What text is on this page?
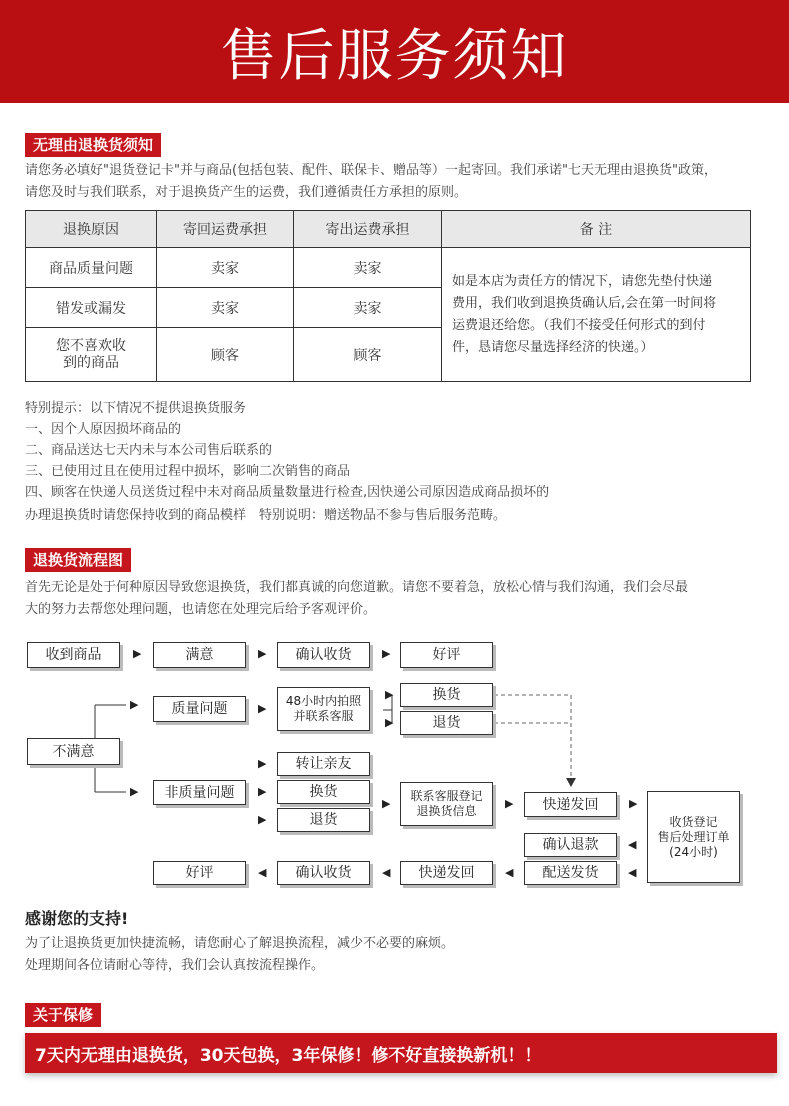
售后服务须知
无理由退换货须知
请您务必填好"退货登记卡"并与商品(包括包装、配件、联保卡、赠品等）一起寄回。我们承诺"七天无理由退换货"政策，
请您及时与我们联系，对于退换货产生的运费，我们遵循责任方承担的原则。
退换原因	寄回运费承担	寄出运费承担	备 注
商品质量问题	卖家	卖家	如是本店为责任方的情况下，请您先垫付快递
费用，我们收到退换货确认后,会在第一时间将
运费退还给您。（我们不接受任何形式的到付
件，恳请您尽量选择经济的快递。）

错发或漏发	卖家	卖家	

您不喜欢收
到的商品	顾客	顾客	
特别提示：以下情况不提供退换货服务
一、因个人原因损坏商品的
二、商品送达七天内未与本公司售后联系的
三、已使用过且在使用过程中损坏，影响二次销售的商品
四、顾客在快递人员送货过程中未对商品质量数量进行检查,因快递公司原因造成商品损坏的
办理退换货时请您保持收到的商品模样　特别说明：赠送物品不参与售后服务范畴。
退换货流程图
首先无论是处于何种原因导致您退换货，我们都真诚的向您道歉。请您不要着急，放松心情与我们沟通，我们会尽最
大的努力去帮您处理问题，也请您在处理完后给予客观评价。
收到商品	▶	满意	▶	确认收货	▶	好评
不满意
▶	质量问题	▶
48小时内拍照
并联系客服
▶
▶
换货
退货
▶	转让亲友
▶	非质量问题	▶	换货
▶	退货
▶
联系客服登记
退换货信息
▶	快递发回	▶
收货登记
售后处理订单
(24小时)
◀
确认退款
◀
配送发货
◀
快递发回
◀
确认收货
◀
好评
感谢您的支持!
为了让退换货更加快捷流畅，请您耐心了解退换流程，减少不必要的麻烦。
处理期间各位请耐心等待，我们会认真按流程操作。
关于保修
7天内无理由退换货，30天包换，3年保修！修不好直接换新机！！
